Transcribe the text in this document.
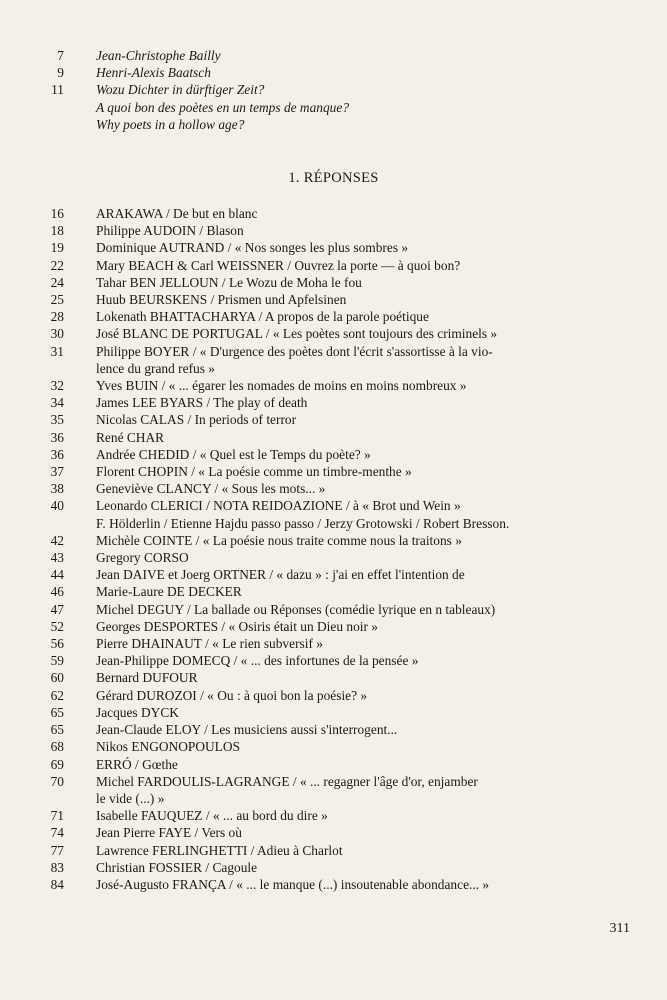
7 Jean-Christophe Bailly
9 Henri-Alexis Baatsch
11 Wozu Dichter in dürftiger Zeit?
A quoi bon des poètes en un temps de manque?
Why poets in a hollow age?
1. RÉPONSES
16 ARAKAWA / De but en blanc
18 Philippe AUDOIN / Blason
19 Dominique AUTRAND / « Nos songes les plus sombres »
22 Mary BEACH & Carl WEISSNER / Ouvrez la porte — à quoi bon?
24 Tahar BEN JELLOUN / Le Wozu de Moha le fou
25 Huub BEURSKENS / Prismen und Apfelsinen
28 Lokenath BHATTACHARYA / A propos de la parole poétique
30 José BLANC DE PORTUGAL / « Les poètes sont toujours des criminels »
31 Philippe BOYER / « D'urgence des poètes dont l'écrit s'assortisse à la vio-
lence du grand refus »
32 Yves BUIN / « ... égarer les nomades de moins en moins nombreux »
34 James LEE BYARS / The play of death
35 Nicolas CALAS / In periods of terror
36 René CHAR
36 Andrée CHEDID / « Quel est le Temps du poète? »
37 Florent CHOPIN / « La poésie comme un timbre-menthe »
38 Geneviève CLANCY / « Sous les mots... »
40 Leonardo CLERICI / NOTA REIDOAZIONE / à « Brot und Wein »
F. Hölderlin / Etienne Hajdu passo passo / Jerzy Grotowski / Robert Bresson.
42 Michèle COINTE / « La poésie nous traite comme nous la traitons »
43 Gregory CORSO
44 Jean DAIVE et Joerg ORTNER / « dazu » : j'ai en effet l'intention de
46 Marie-Laure DE DECKER
47 Michel DEGUY / La ballade ou Réponses (comédie lyrique en n tableaux)
52 Georges DESPORTES / « Osiris était un Dieu noir »
56 Pierre DHAINAUT / « Le rien subversif »
59 Jean-Philippe DOMECQ / « ... des infortunes de la pensée »
60 Bernard DUFOUR
62 Gérard DUROZOI / « Ou : à quoi bon la poésie? »
65 Jacques DYCK
65 Jean-Claude ELOY / Les musiciens aussi s'interrogent...
68 Nikos ENGONOPOULOS
69 ERRÓ / Gœthe
70 Michel FARDOULIS-LAGRANGE / « ... regagner l'âge d'or, enjamber
le vide (...) »
71 Isabelle FAUQUEZ / « ... au bord du dire »
74 Jean Pierre FAYE / Vers où
77 Lawrence FERLINGHETTI / Adieu à Charlot
83 Christian FOSSIER / Cagoule
84 José-Augusto FRANÇA / « ... le manque (...) insoutenable abondance... »
311
